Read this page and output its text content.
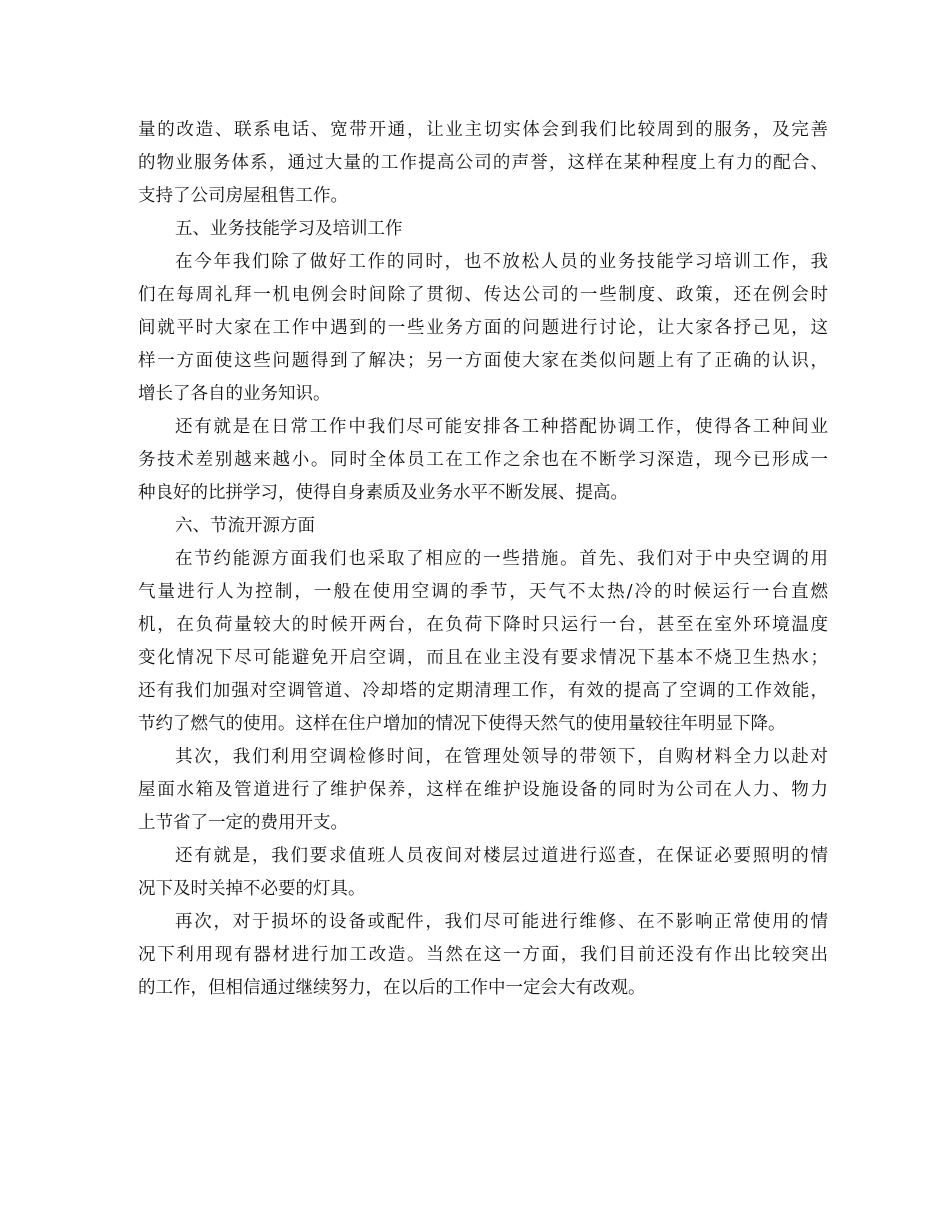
量的改造、联系电话、宽带开通，让业主切实体会到我们比较周到的服务，及完善
的物业服务体系，通过大量的工作提高公司的声誉，这样在某种程度上有力的配合、
支持了公司房屋租售工作。
五、业务技能学习及培训工作
在今年我们除了做好工作的同时，也不放松人员的业务技能学习培训工作，我
们在每周礼拜一机电例会时间除了贯彻、传达公司的一些制度、政策，还在例会时
间就平时大家在工作中遇到的一些业务方面的问题进行讨论，让大家各抒己见，这
样一方面使这些问题得到了解决；另一方面使大家在类似问题上有了正确的认识，
增长了各自的业务知识。
还有就是在日常工作中我们尽可能安排各工种搭配协调工作，使得各工种间业
务技术差别越来越小。同时全体员工在工作之余也在不断学习深造，现今已形成一
种良好的比拼学习，使得自身素质及业务水平不断发展、提高。
六、节流开源方面
在节约能源方面我们也采取了相应的一些措施。首先、我们对于中央空调的用
气量进行人为控制，一般在使用空调的季节，天气不太热/冷的时候运行一台直燃
机，在负荷量较大的时候开两台，在负荷下降时只运行一台，甚至在室外环境温度
变化情况下尽可能避免开启空调，而且在业主没有要求情况下基本不烧卫生热水；
还有我们加强对空调管道、冷却塔的定期清理工作，有效的提高了空调的工作效能，
节约了燃气的使用。这样在住户增加的情况下使得天然气的使用量较往年明显下降。
其次，我们利用空调检修时间，在管理处领导的带领下，自购材料全力以赴对
屋面水箱及管道进行了维护保养，这样在维护设施设备的同时为公司在人力、物力
上节省了一定的费用开支。
还有就是，我们要求值班人员夜间对楼层过道进行巡查，在保证必要照明的情
况下及时关掉不必要的灯具。
再次，对于损坏的设备或配件，我们尽可能进行维修、在不影响正常使用的情
况下利用现有器材进行加工改造。当然在这一方面，我们目前还没有作出比较突出
的工作，但相信通过继续努力，在以后的工作中一定会大有改观。
